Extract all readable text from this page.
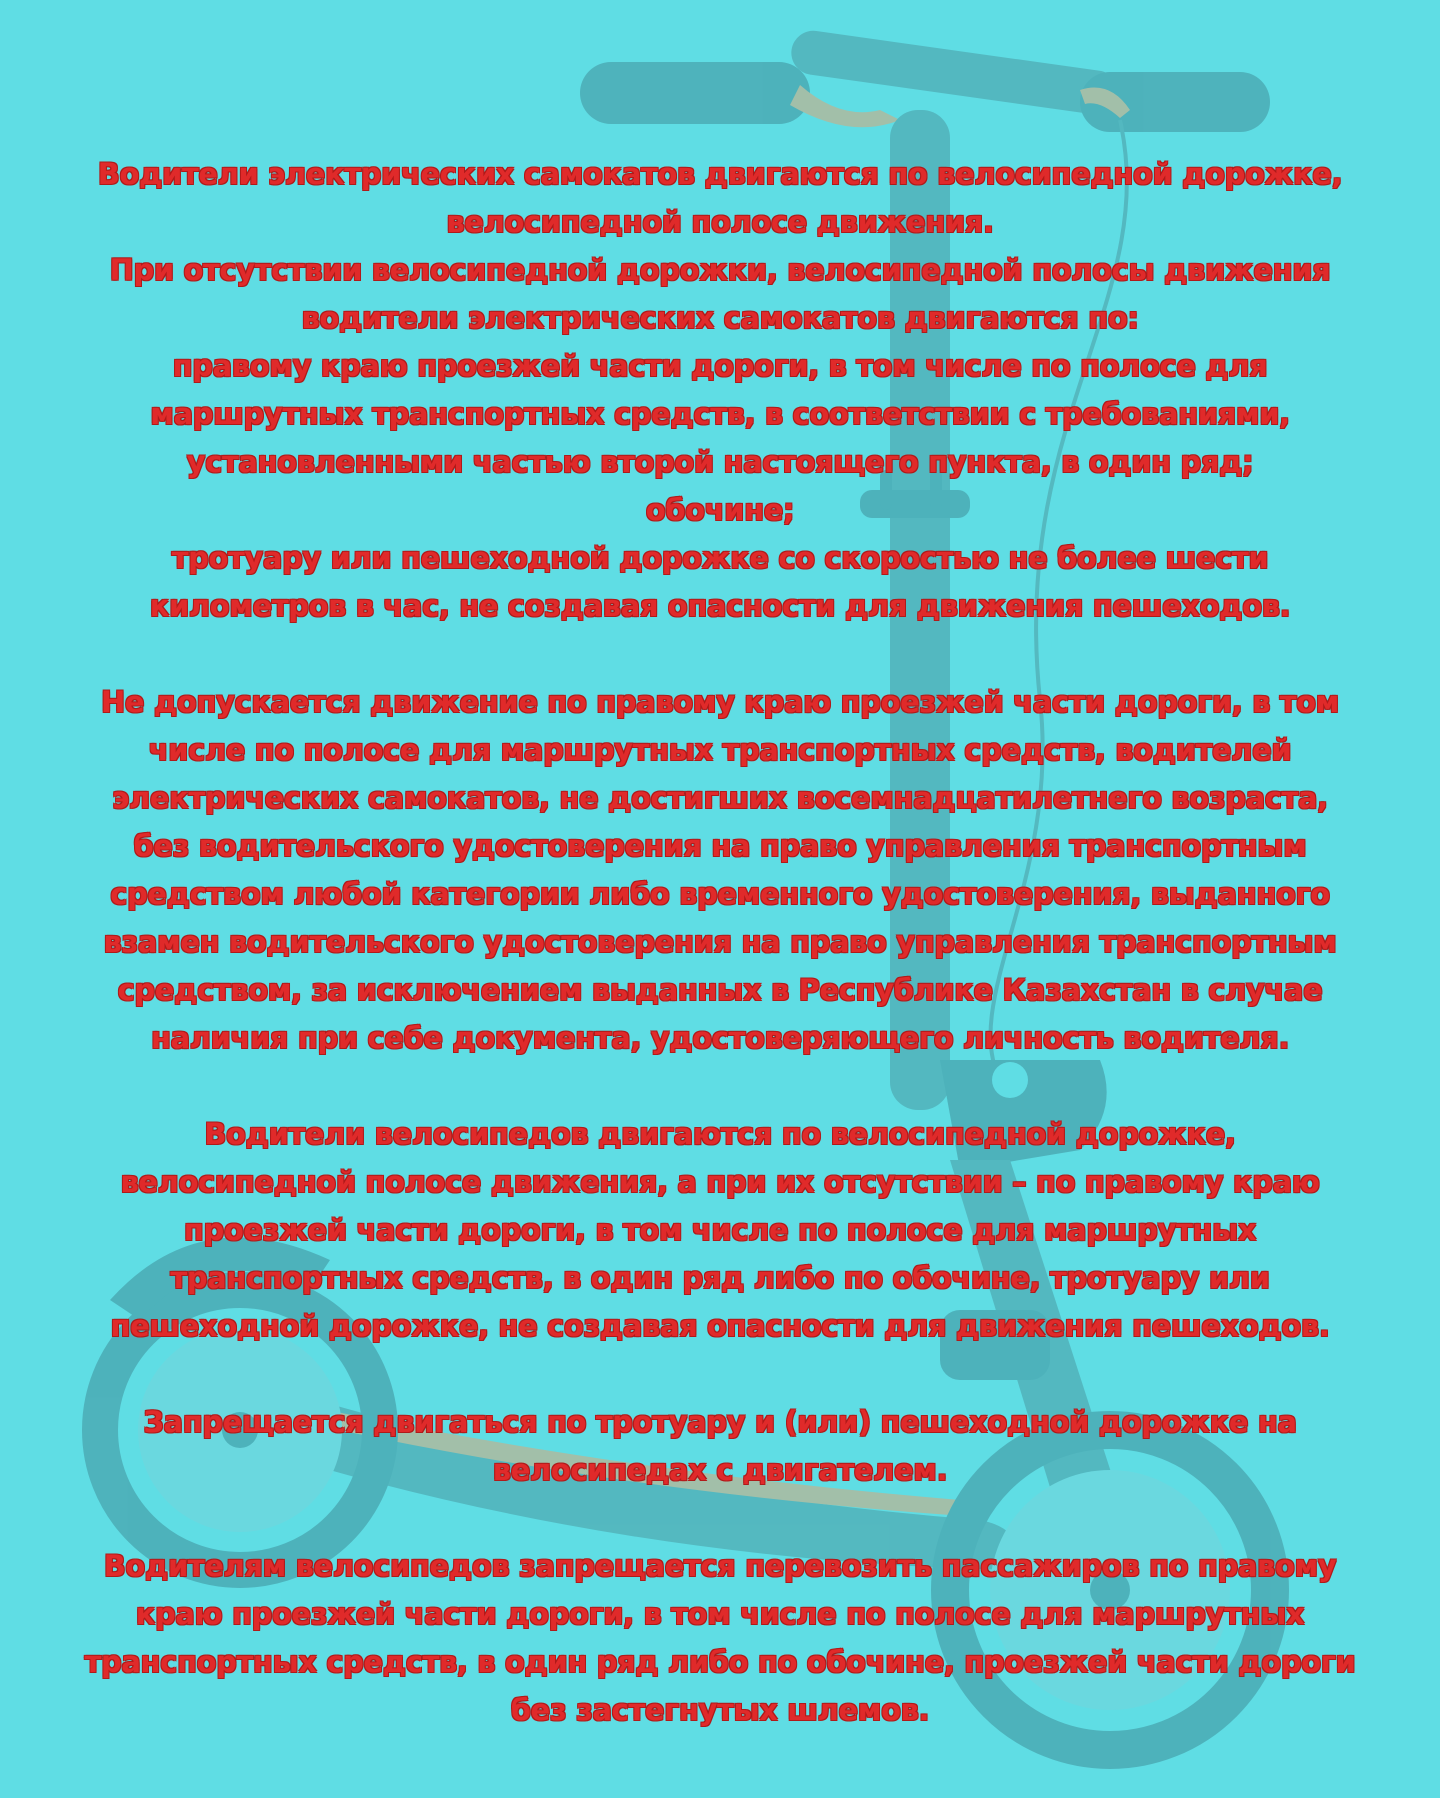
Водители электрических самокатов двигаются по велосипедной дорожке,
велосипедной полосе движения.
При отсутствии велосипедной дорожки, велосипедной полосы движения
водители электрических самокатов двигаются по:
правому краю проезжей части дороги, в том числе по полосе для
маршрутных транспортных средств, в соответствии с требованиями,
установленными частью второй настоящего пункта, в один ряд;
обочине;
тротуару или пешеходной дорожке со скоростью не более шести
километров в час, не создавая опасности для движения пешеходов.
Не допускается движение по правому краю проезжей части дороги, в том
числе по полосе для маршрутных транспортных средств, водителей
электрических самокатов, не достигших восемнадцатилетнего возраста,
без водительского удостоверения на право управления транспортным
средством любой категории либо временного удостоверения, выданного
взамен водительского удостоверения на право управления транспортным
средством, за исключением выданных в Республике Казахстан в случае
наличия при себе документа, удостоверяющего личность водителя.
Водители велосипедов двигаются по велосипедной дорожке,
велосипедной полосе движения, а при их отсутствии – по правому краю
проезжей части дороги, в том числе по полосе для маршрутных
транспортных средств, в один ряд либо по обочине, тротуару или
пешеходной дорожке, не создавая опасности для движения пешеходов.
Запрещается двигаться по тротуару и (или) пешеходной дорожке на
велосипедах с двигателем.
Водителям велосипедов запрещается перевозить пассажиров по правому
краю проезжей части дороги, в том числе по полосе для маршрутных
транспортных средств, в один ряд либо по обочине, проезжей части дороги
без застегнутых шлемов.
